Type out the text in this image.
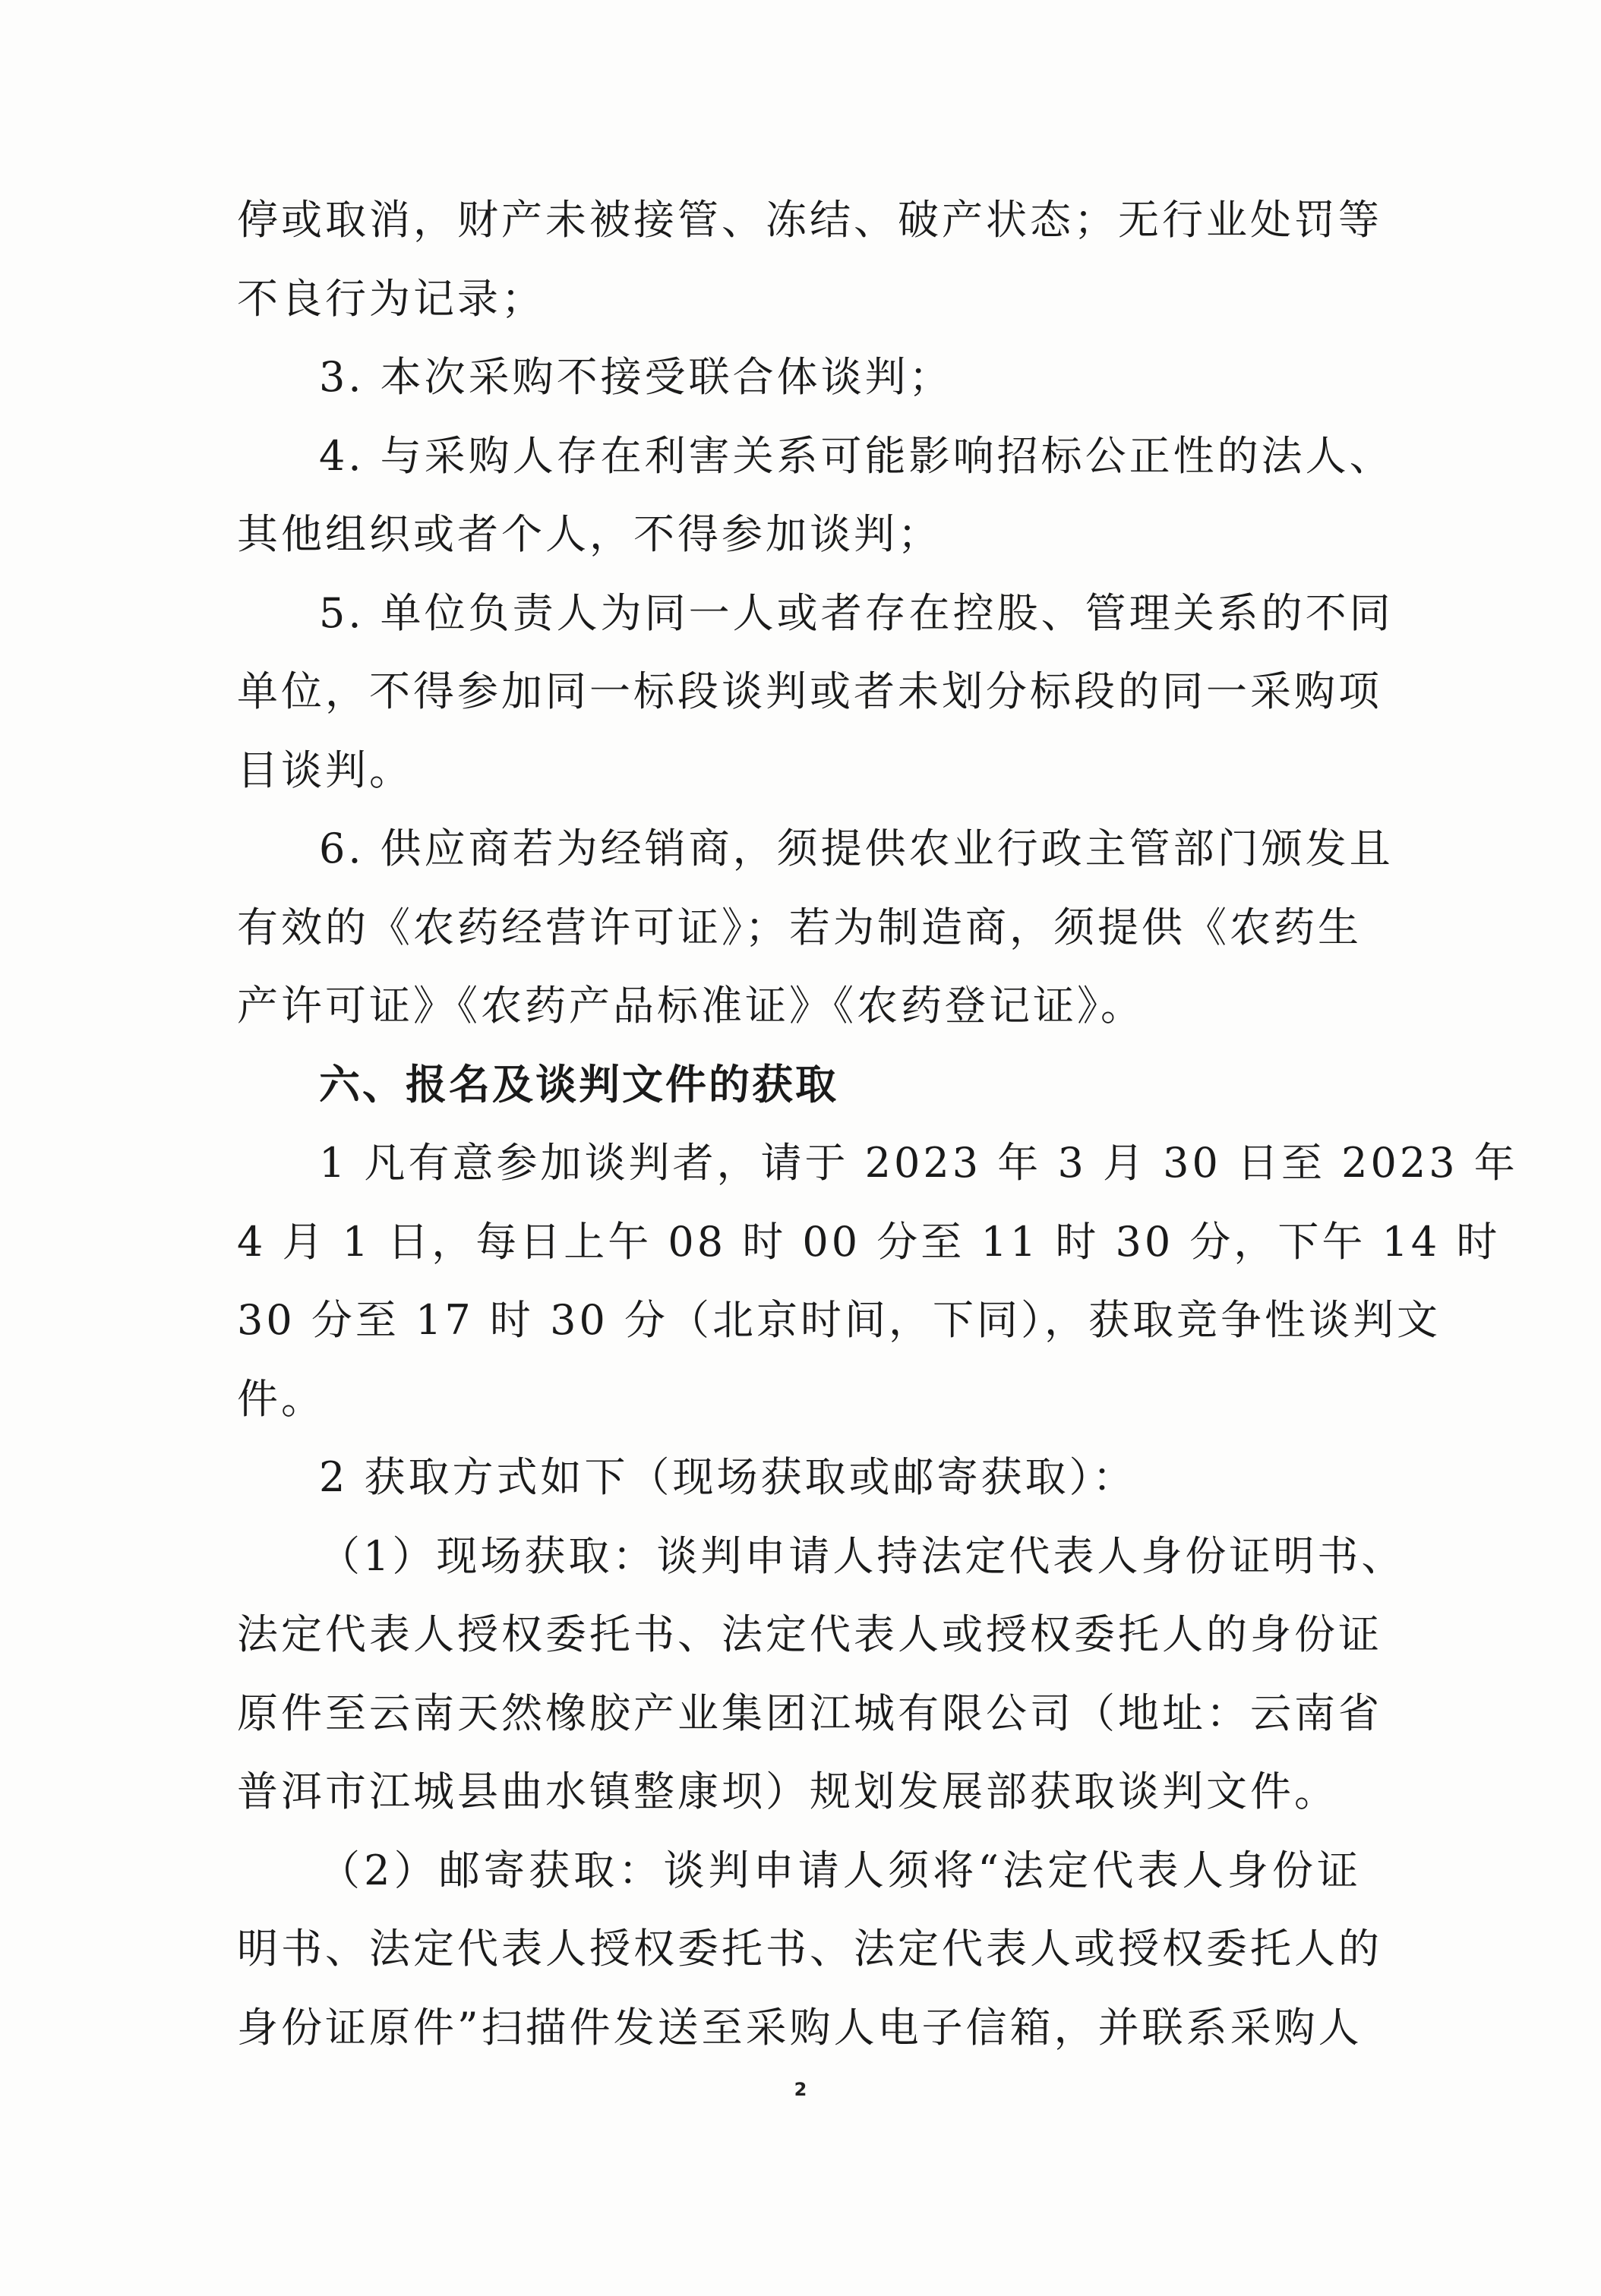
停或取消，财产未被接管、冻结、破产状态；无行业处罚等
不良行为记录；
3. 本次采购不接受联合体谈判；
4. 与采购人存在利害关系可能影响招标公正性的法人、
其他组织或者个人，不得参加谈判；
5. 单位负责人为同一人或者存在控股、管理关系的不同
单位，不得参加同一标段谈判或者未划分标段的同一采购项
目谈判。
6. 供应商若为经销商，须提供农业行政主管部门颁发且
有效的《农药经营许可证》；若为制造商，须提供《农药生
产许可证》《农药产品标准证》《农药登记证》。
六、报名及谈判文件的获取
1 凡有意参加谈判者，请于 2023 年 3 月 30 日至 2023 年
4 月 1 日，每日上午 08 时 00 分至 11 时 30 分，下午 14 时
30 分至 17 时 30 分（北京时间，下同），获取竞争性谈判文
件。
2 获取方式如下（现场获取或邮寄获取）：
（1）现场获取：谈判申请人持法定代表人身份证明书、
法定代表人授权委托书、法定代表人或授权委托人的身份证
原件至云南天然橡胶产业集团江城有限公司（地址：云南省
普洱市江城县曲水镇整康坝）规划发展部获取谈判文件。
（2）邮寄获取：谈判申请人须将“法定代表人身份证
明书、法定代表人授权委托书、法定代表人或授权委托人的
身份证原件”扫描件发送至采购人电子信箱，并联系采购人
2
